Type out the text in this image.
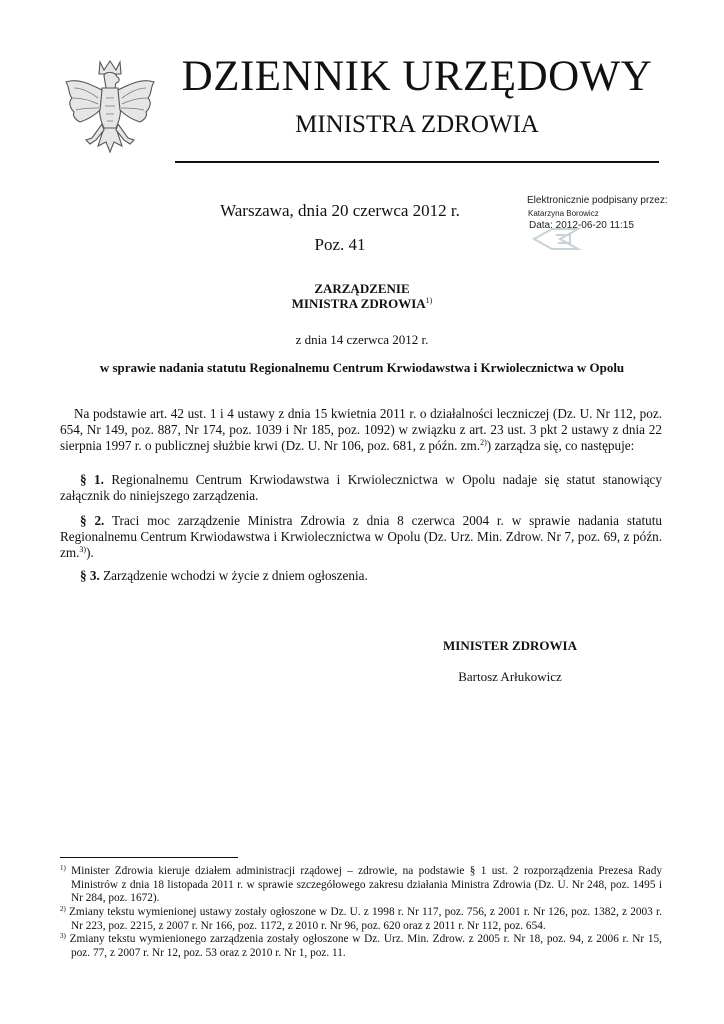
DZIENNIK URZĘDOWY
MINISTRA ZDROWIA
Warszawa, dnia 20 czerwca 2012 r.
Poz. 41
Elektronicznie podpisany przez:
Katarzyna Borowicz
Data: 2012-06-20 11:15
ZARZĄDZENIE
MINISTRA ZDROWIA$^{1)}$
z dnia 14 czerwca 2012 r.
w sprawie nadania statutu Regionalnemu Centrum Krwiodawstwa i Krwiolecznictwa w Opolu
Na podstawie art. 42 ust. 1 i 4 ustawy z dnia 15 kwietnia 2011 r. o działalności leczniczej (Dz. U. Nr 112, poz. 654, Nr 149, poz. 887, Nr 174, poz. 1039 i Nr 185, poz. 1092) w związku z art. 23 ust. 3 pkt 2 ustawy z dnia 22 sierpnia 1997 r. o publicznej służbie krwi (Dz. U. Nr 106, poz. 681, z późn. zm.$^{2)}$) zarządza się, co następuje:
§ 1. Regionalnemu Centrum Krwiodawstwa i Krwiolecznictwa w Opolu nadaje się statut stanowiący załącznik do niniejszego zarządzenia.
§ 2. Traci moc zarządzenie Ministra Zdrowia z dnia 8 czerwca 2004 r. w sprawie nadania statutu Regionalnemu Centrum Krwiodawstwa i Krwiolecznictwa w Opolu (Dz. Urz. Min. Zdrow. Nr 7, poz. 69, z późn. zm.$^{3)}$).
§ 3. Zarządzenie wchodzi w życie z dniem ogłoszenia.
MINISTER ZDROWIA
Bartosz Arłukowicz
$^{1)}$ Minister Zdrowia kieruje działem administracji rządowej – zdrowie, na podstawie § 1 ust. 2 rozporządzenia Prezesa Rady Ministrów z dnia 18 listopada 2011 r. w sprawie szczegółowego zakresu działania Ministra Zdrowia (Dz. U. Nr 248, poz. 1495 i Nr 284, poz. 1672).
$^{2)}$ Zmiany tekstu wymienionej ustawy zostały ogłoszone w Dz. U. z 1998 r. Nr 117, poz. 756, z 2001 r. Nr 126, poz. 1382, z 2003 r. Nr 223, poz. 2215, z 2007 r. Nr 166, poz. 1172, z 2010 r. Nr 96, poz. 620 oraz z 2011 r. Nr 112, poz. 654.
$^{3)}$ Zmiany tekstu wymienionego zarządzenia zostały ogłoszone w Dz. Urz. Min. Zdrow. z 2005 r. Nr 18, poz. 94, z 2006 r. Nr 15, poz. 77, z 2007 r. Nr 12, poz. 53 oraz z 2010 r. Nr 1, poz. 11.
